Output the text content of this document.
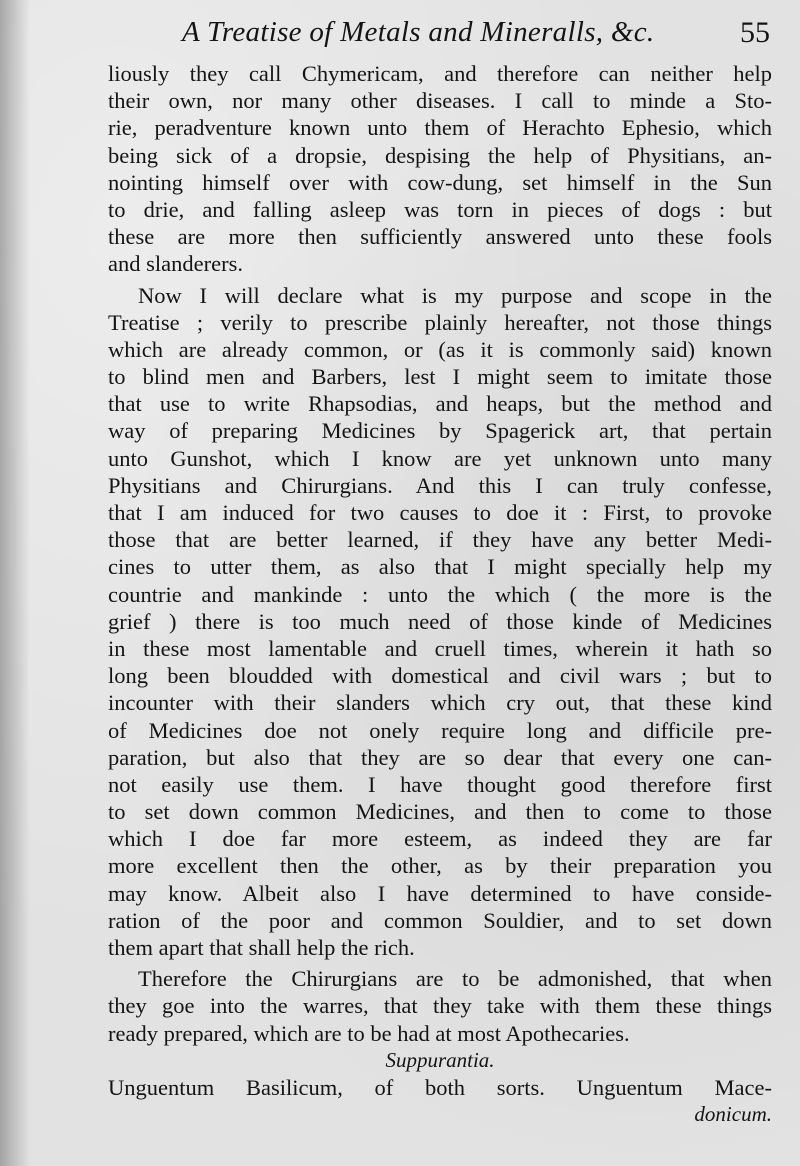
A Treatise of Metals and Mineralls, &c.	55
liously they call Chymericam, and therefore can neither help
their own, nor many other diseases. I call to minde a Sto-
rie, peradventure known unto them of Herachto Ephesio, which
being sick of a dropsie, despising the help of Physitians, an-
nointing himself over with cow-dung, set himself in the Sun
to drie, and falling asleep was torn in pieces of dogs : but
these are more then sufficiently answered unto these fools
and slanderers.
Now I will declare what is my purpose and scope in the
Treatise ; verily to prescribe plainly hereafter, not those things
which are already common, or (as it is commonly said) known
to blind men and Barbers, lest I might seem to imitate those
that use to write Rhapsodias, and heaps, but the method and
way of preparing Medicines by Spagerick art, that pertain
unto Gunshot, which I know are yet unknown unto many
Physitians and Chirurgians. And this I can truly confesse,
that I am induced for two causes to doe it : First, to provoke
those that are better learned, if they have any better Medi-
cines to utter them, as also that I might specially help my
countrie and mankinde : unto the which ( the more is the
grief ) there is too much need of those kinde of Medicines
in these most lamentable and cruell times, wherein it hath so
long been bloudded with domestical and civil wars ; but to
incounter with their slanders which cry out, that these kind
of Medicines doe not onely require long and difficile pre-
paration, but also that they are so dear that every one can-
not easily use them. I have thought good therefore first
to set down common Medicines, and then to come to those
which I doe far more esteem, as indeed they are far
more excellent then the other, as by their preparation you
may know. Albeit also I have determined to have conside-
ration of the poor and common Souldier, and to set down
them apart that shall help the rich.
Therefore the Chirurgians are to be admonished, that when
they goe into the warres, that they take with them these things
ready prepared, which are to be had at most Apothecaries.
Suppurantia.
Unguentum Basilicum, of both sorts. Unguentum Mace-
donicum.
